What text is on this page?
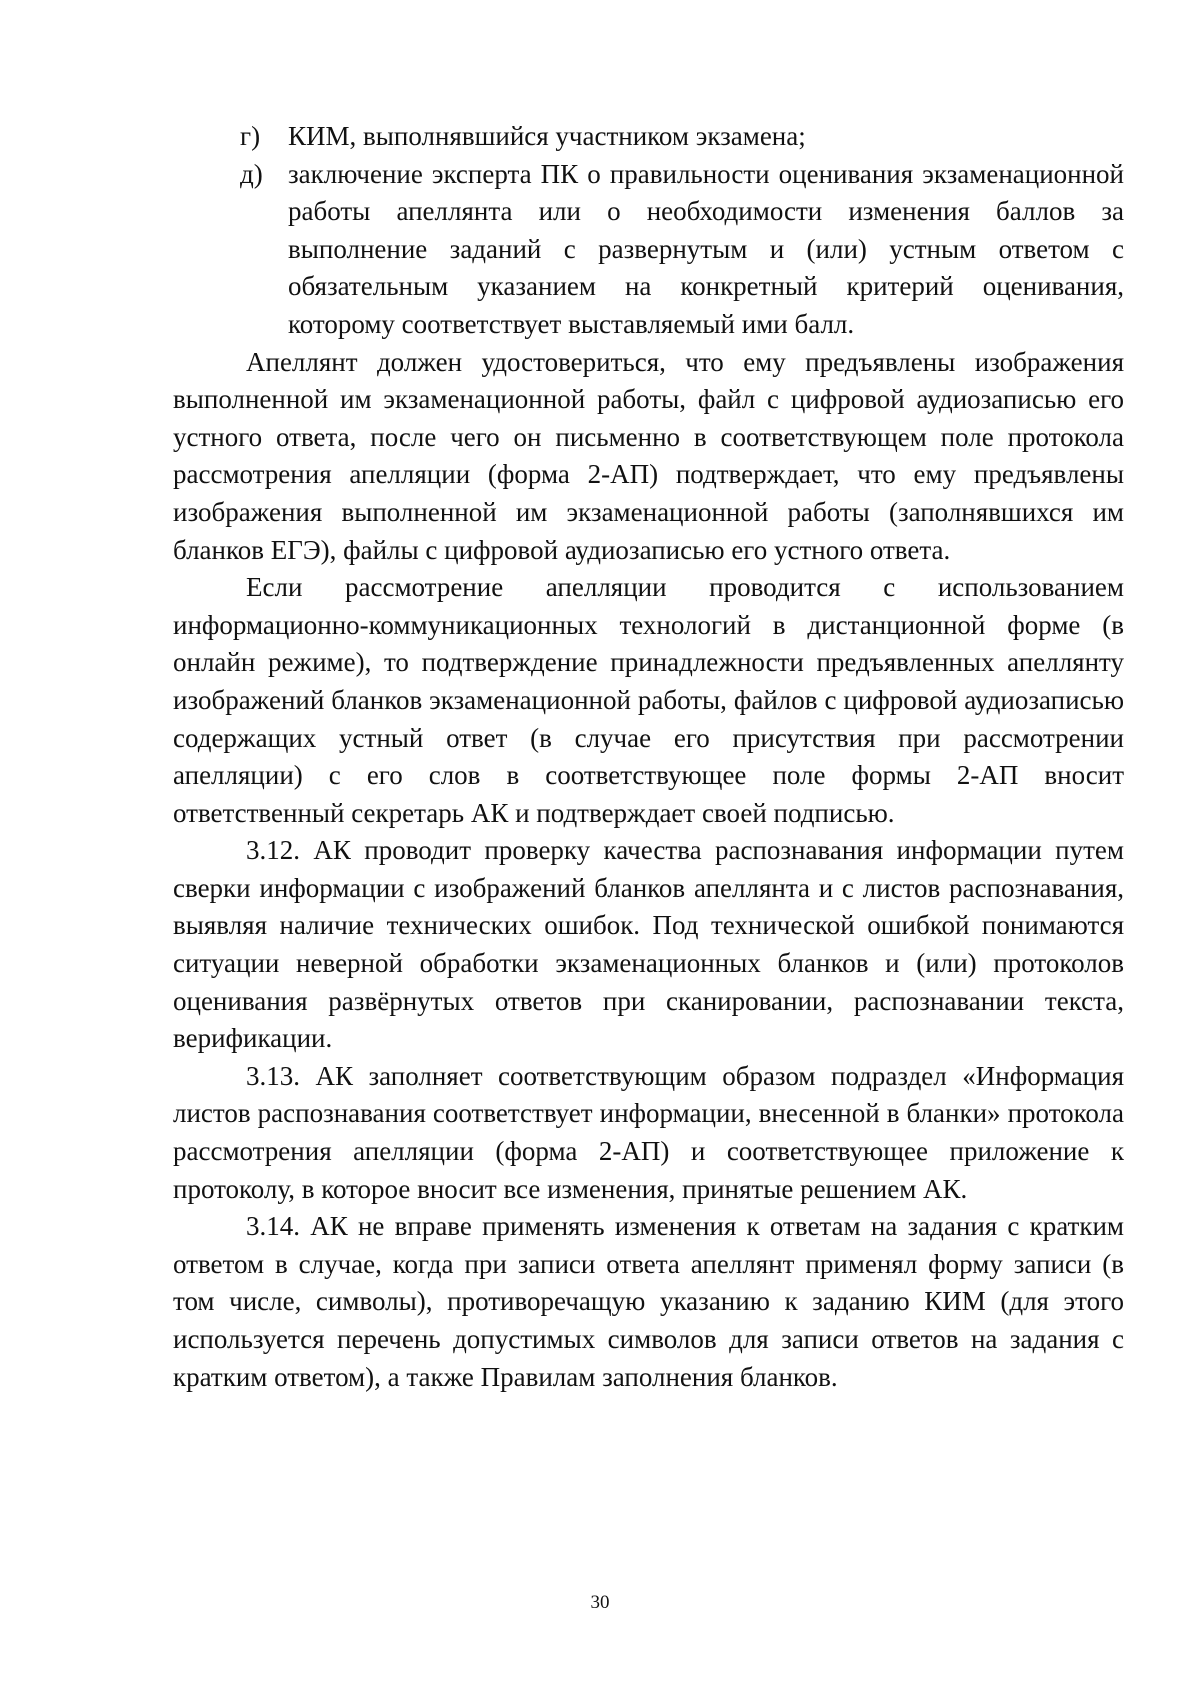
г)	КИМ, выполнявшийся участником экзамена;
д) заключение эксперта ПК о правильности оценивания экзаменационной работы апеллянта или о необходимости изменения баллов за выполнение заданий с развернутым и (или) устным ответом с обязательным указанием на конкретный критерий оценивания, которому соответствует выставляемый ими балл.

Апеллянт должен удостовериться, что ему предъявлены изображения выполненной им экзаменационной работы, файл с цифровой аудиозаписью его устного ответа, после чего он письменно в соответствующем поле протокола рассмотрения апелляции (форма 2-АП) подтверждает, что ему предъявлены изображения выполненной им экзаменационной работы (заполнявшихся им бланков ЕГЭ), файлы с цифровой аудиозаписью его устного ответа.

Если рассмотрение апелляции проводится с использованием информационно-коммуникационных технологий в дистанционной форме (в онлайн режиме), то подтверждение принадлежности предъявленных апеллянту изображений бланков экзаменационной работы, файлов с цифровой аудиозаписью содержащих устный ответ (в случае его присутствия при рассмотрении апелляции) с его слов в соответствующее поле формы 2-АП вносит ответственный секретарь АК и подтверждает своей подписью.

3.12. АК проводит проверку качества распознавания информации путем сверки информации с изображений бланков апеллянта и с листов распознавания, выявляя наличие технических ошибок. Под технической ошибкой понимаются ситуации неверной обработки экзаменационных бланков и (или) протоколов оценивания развёрнутых ответов при сканировании, распознавании текста, верификации.

3.13. АК заполняет соответствующим образом подраздел «Информация листов распознавания соответствует информации, внесенной в бланки» протокола рассмотрения апелляции (форма 2-АП) и соответствующее приложение к протоколу, в которое вносит все изменения, принятые решением АК.

3.14. АК не вправе применять изменения к ответам на задания с кратким ответом в случае, когда при записи ответа апеллянт применял форму записи (в том числе, символы), противоречащую указанию к заданию КИМ (для этого используется перечень допустимых символов для записи ответов на задания с кратким ответом), а также Правилам заполнения бланков.

30
